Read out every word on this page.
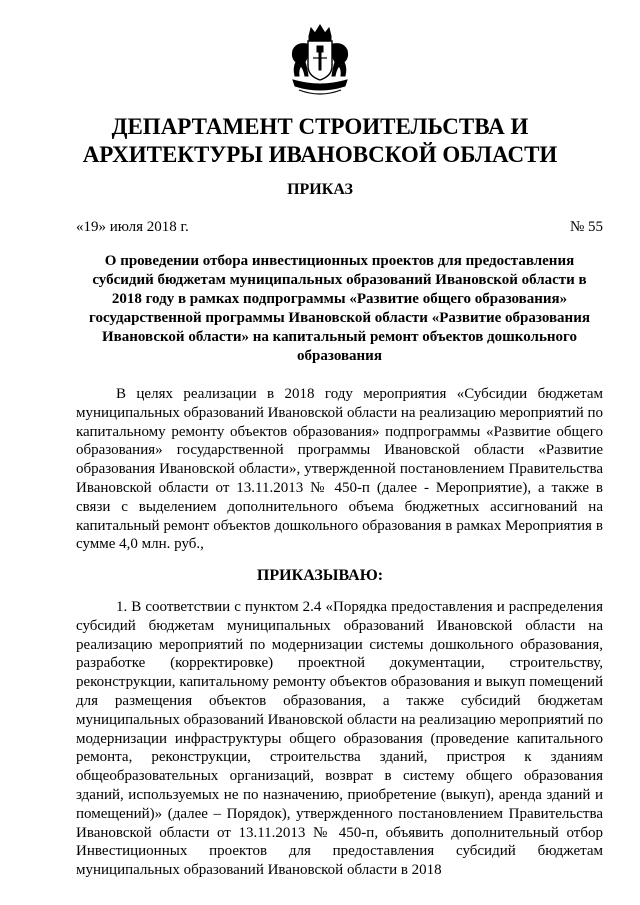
ДЕПАРТАМЕНТ СТРОИТЕЛЬСТВА И АРХИТЕКТУРЫ ИВАНОВСКОЙ ОБЛАСТИ
ПРИКАЗ
«19» июля 2018 г.	№ 55

О проведении отбора инвестиционных проектов для предоставления субсидий бюджетам муниципальных образований Ивановской области в 2018 году в рамках подпрограммы «Развитие общего образования» государственной программы Ивановской области «Развитие образования Ивановской области» на капитальный ремонт объектов дошкольного образования

В целях реализации в 2018 году мероприятия «Субсидии бюджетам муниципальных образований Ивановской области на реализацию мероприятий по капитальному ремонту объектов образования» подпрограммы «Развитие общего образования» государственной программы Ивановской области «Развитие образования Ивановской области», утвержденной постановлением Правительства Ивановской области от 13.11.2013 № 450-п (далее - Мероприятие), а также в связи с выделением дополнительного объема бюджетных ассигнований на капитальный ремонт объектов дошкольного образования в рамках Мероприятия в сумме 4,0 млн. руб.,

ПРИКАЗЫВАЮ:

1. В соответствии с пунктом 2.4 «Порядка предоставления и распределения субсидий бюджетам муниципальных образований Ивановской области на реализацию мероприятий по модернизации системы дошкольного образования, разработке (корректировке) проектной документации, строительству, реконструкции, капитальному ремонту объектов образования и выкуп помещений для размещения объектов образования, а также субсидий бюджетам муниципальных образований Ивановской области на реализацию мероприятий по модернизации инфраструктуры общего образования (проведение капитального ремонта, реконструкции, строительства зданий, пристроя к зданиям общеобразовательных организаций, возврат в систему общего образования зданий, используемых не по назначению, приобретение (выкуп), аренда зданий и помещений)» (далее – Порядок), утвержденного постановлением Правительства Ивановской области от 13.11.2013 № 450-п, объявить дополнительный отбор Инвестиционных проектов для предоставления субсидий бюджетам муниципальных образований Ивановской области в 2018
